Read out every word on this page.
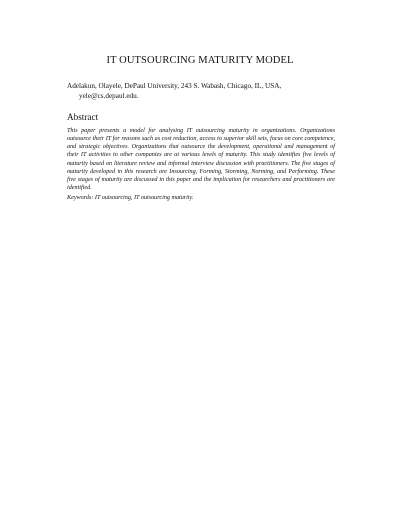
IT OUTSOURCING MATURITY MODEL
Adelakun, Olayele, DePaul University, 243 S. Wabash, Chicago, IL, USA,
yele@cs.depaul.edu.
Abstract
This paper presents a model for analysing IT outsourcing maturity in organizations. Organizations outsource their IT for reasons such as cost reduction, access to superior skill sets, focus on core competence, and strategic objectives. Organizations that outsource the development, operational and management of their IT activities to other companies are at various levels of maturity. This study identifies five levels of maturity based on literature review and informal interview discussion with practitioners. The five stages of maturity developed in this research are Insourcing, Forming, Storming, Norming, and Performing. These five stages of maturity are discussed in this paper and the implication for researchers and practitioners are identified.
Keywords: IT outsourcing, IT outsourcing maturity.
